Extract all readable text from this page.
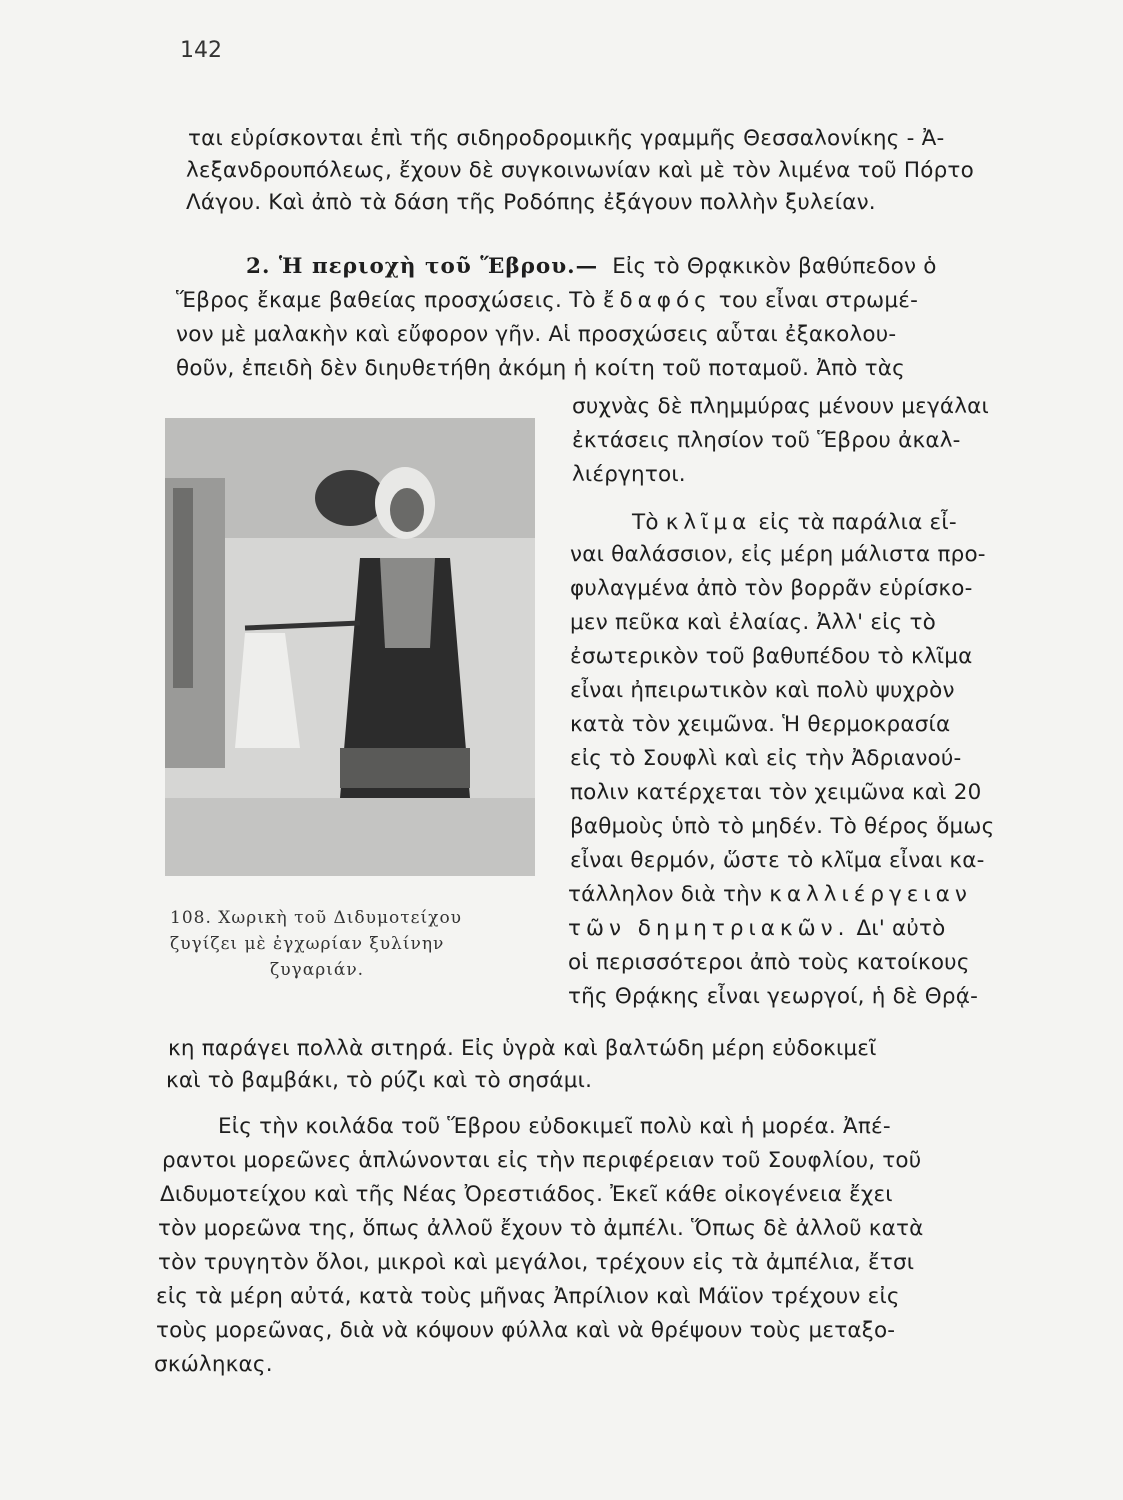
142
ται εὑρίσκονται ἐπὶ τῆς σιδηροδρομικῆς γραμμῆς Θεσσαλονίκης - Ἀ-
λεξανδρουπόλεως, ἔχουν δὲ συγκοινωνίαν καὶ μὲ τὸν λιμένα τοῦ Πόρτο
Λάγου. Καὶ ἀπὸ τὰ δάση τῆς Ροδόπης ἐξάγουν πολλὴν ξυλείαν.
2. Ἡ περιοχὴ τοῦ Ἕβρου.— Εἰς τὸ Θρᾳκικὸν βαθύπεδον ὁ
Ἕβρος ἔκαμε βαθείας προσχώσεις. Τὸ ἔδαφός του εἶναι στρωμέ-
νον μὲ μαλακὴν καὶ εὔφορον γῆν. Αἱ προσχώσεις αὗται ἐξακολου-
θοῦν, ἐπειδὴ δὲν διηυθετήθη ἀκόμη ἡ κοίτη τοῦ ποταμοῦ. Ἀπὸ τὰς
108. Χωρικὴ τοῦ Διδυμοτείχου
ζυγίζει μὲ ἐγχωρίαν ξυλίνην
ζυγαριάν.
συχνὰς δὲ πλημμύρας μένουν μεγάλαι
ἐκτάσεις πλησίον τοῦ Ἕβρου ἀκαλ-
λιέργητοι.
Τὸ κλῖμα εἰς τὰ παράλια εἶ-
ναι θαλάσσιον, εἰς μέρη μάλιστα προ-
φυλαγμένα ἀπὸ τὸν βορρᾶν εὑρίσκο-
μεν πεῦκα καὶ ἐλαίας. Ἀλλ' εἰς τὸ
ἐσωτερικὸν τοῦ βαθυπέδου τὸ κλῖμα
εἶναι ἠπειρωτικὸν καὶ πολὺ ψυχρὸν
κατὰ τὸν χειμῶνα. Ἡ θερμοκρασία
εἰς τὸ Σουφλὶ καὶ εἰς τὴν Ἀδριανού-
πολιν κατέρχεται τὸν χειμῶνα καὶ 20
βαθμοὺς ὑπὸ τὸ μηδέν. Τὸ θέρος ὅμως
εἶναι θερμόν, ὥστε τὸ κλῖμα εἶναι κα-
τάλληλον διὰ τὴν καλλιέργειαν
τῶν δημητριακῶν. Δι' αὐτὸ
οἱ περισσότεροι ἀπὸ τοὺς κατοίκους
τῆς Θρᾴκης εἶναι γεωργοί, ἡ δὲ Θρᾴ-
κη παράγει πολλὰ σιτηρά. Εἰς ὑγρὰ καὶ βαλτώδη μέρη εὐδοκιμεῖ
καὶ τὸ βαμβάκι, τὸ ρύζι καὶ τὸ σησάμι.
Εἰς τὴν κοιλάδα τοῦ Ἕβρου εὐδοκιμεῖ πολὺ καὶ ἡ μορέα. Ἀπέ-
ραντοι μορεῶνες ἁπλώνονται εἰς τὴν περιφέρειαν τοῦ Σουφλίου, τοῦ
Διδυμοτείχου καὶ τῆς Νέας Ὀρεστιάδος. Ἐκεῖ κάθε οἰκογένεια ἔχει
τὸν μορεῶνα της, ὅπως ἀλλοῦ ἔχουν τὸ ἀμπέλι. Ὅπως δὲ ἀλλοῦ κατὰ
τὸν τρυγητὸν ὅλοι, μικροὶ καὶ μεγάλοι, τρέχουν εἰς τὰ ἀμπέλια, ἔτσι
εἰς τὰ μέρη αὐτά, κατὰ τοὺς μῆνας Ἀπρίλιον καὶ Μάϊον τρέχουν εἰς
τοὺς μορεῶνας, διὰ νὰ κόψουν φύλλα καὶ νὰ θρέψουν τοὺς μεταξο-
σκώληκας.
